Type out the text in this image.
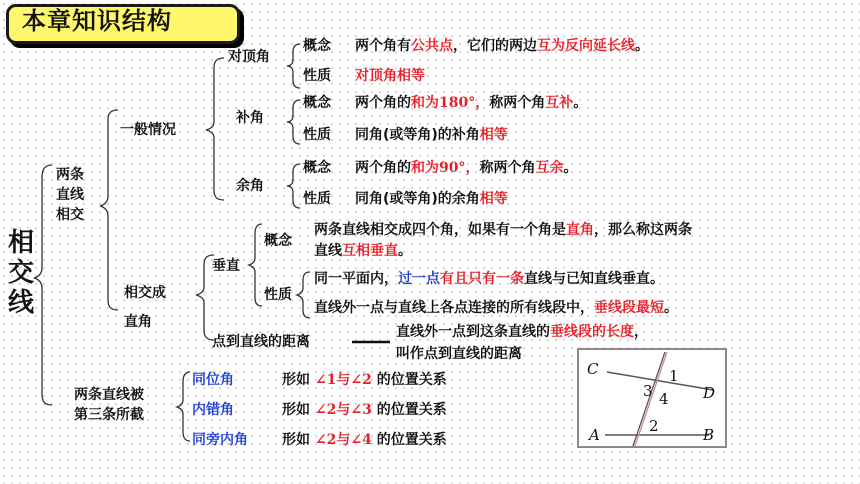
本章知识结构
相交线
两条直线相交
一般情况
对顶角
概念 两个角有公共点，它们的两边互为反向延长线。
性质 对顶角相等
补角
概念 两个角的和为180°，称两个角互补。
性质 同角(或等角)的补角相等
余角
概念 两个角的和为90°，称两个角互余。
性质 同角(或等角)的余角相等
相交成
直角
垂直
概念
两条直线相交成四个角，如果有一个角是直角，那么称这两条
直线互相垂直。
性质
同一平面内，过一点有且只有一条直线与已知直线垂直。
直线外一点与直线上各点连接的所有线段中，垂线段最短。
点到直线的距离
直线外一点到这条直线的垂线段的长度，
叫作点到直线的距离
两条直线被
第三条所截
同位角	形如 ∠1与∠2 的位置关系
内错角	形如 ∠2与∠3 的位置关系
同旁内角 形如 ∠2与∠4 的位置关系
C
D
A	B
1
2
3 4
